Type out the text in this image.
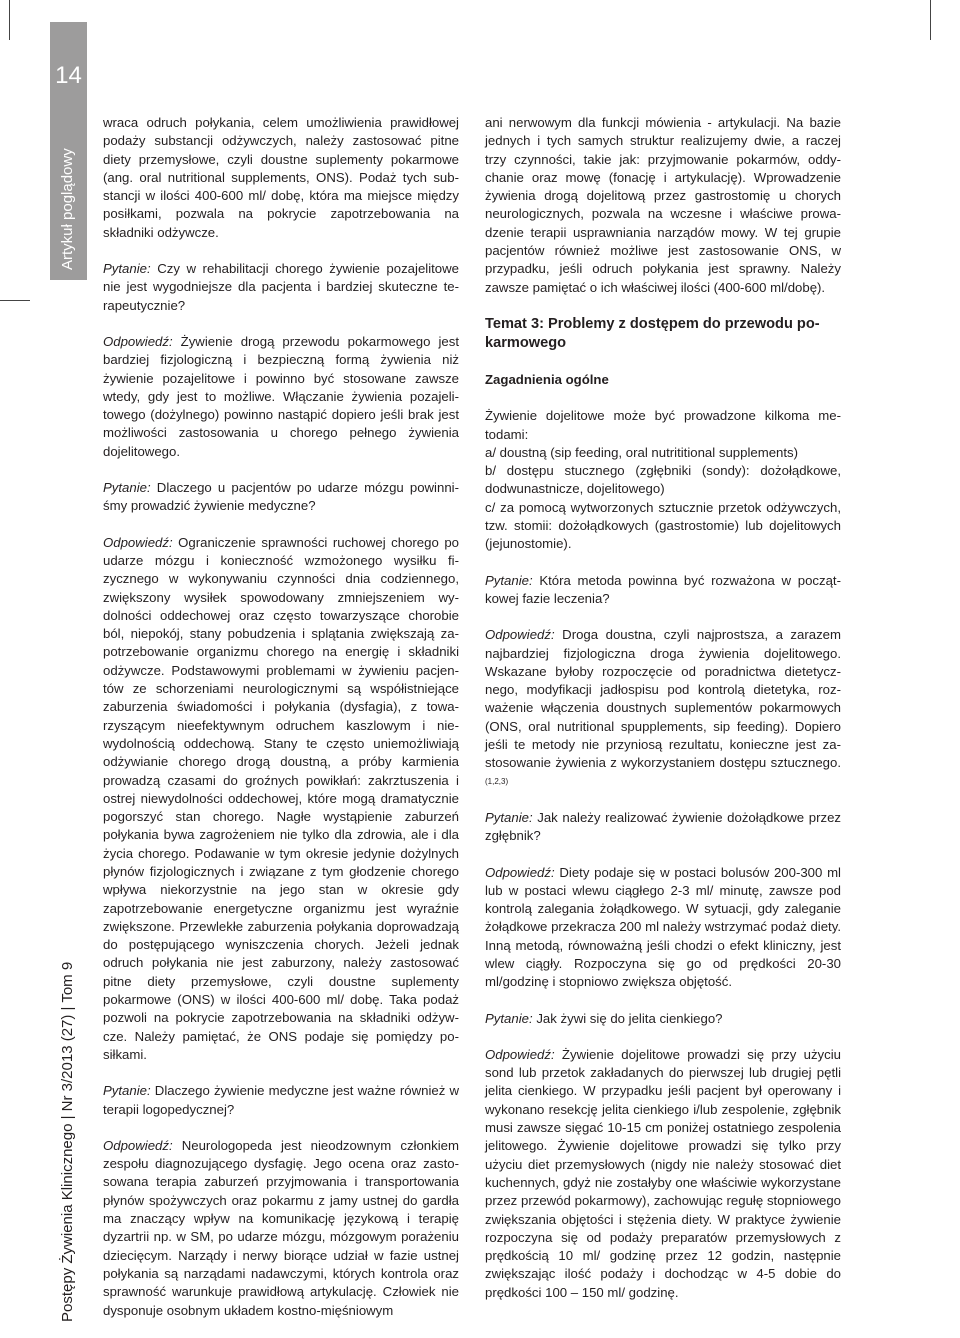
14
Artykuł poglądowy
Postępy Żywienia Klinicznego | Nr 3/2013 (27) | Tom 9

wraca odruch połykania, celem umożliwienia prawidłowej podaży substancji odżywczych, należy zastosować pitne diety przemysłowe, czyli doustne suplementy pokarmowe (ang. oral nutritional supplements, ONS). Podaż tych substancji w ilości 400-600 ml/ dobę, która ma miejsce między posiłkami, pozwala na pokrycie zapotrzebowania na składniki odżywcze.

Pytanie: Czy w rehabilitacji chorego żywienie pozajelitowe nie jest wygodniejsze dla pacjenta i bardziej skuteczne terapeutycznie?

Odpowiedź: Żywienie drogą przewodu pokarmowego jest bardziej fizjologiczną i bezpieczną formą żywienia niż żywienie pozajelitowe i powinno być stosowane zawsze wtedy, gdy jest to możliwe. Włączanie żywienia pozajelitowego (dożylnego) powinno nastąpić dopiero jeśli brak jest możliwości zastosowania u chorego pełnego żywienia dojelitowego.

Pytanie: Dlaczego u pacjentów po udarze mózgu powinniśmy prowadzić żywienie medyczne?

Odpowiedź: Ograniczenie sprawności ruchowej chorego po udarze mózgu i konieczność wzmożonego wysiłku fizycznego w wykonywaniu czynności dnia codziennego, zwiększony wysiłek spowodowany zmniejszeniem wydolności oddechowej oraz często towarzyszące chorobie ból, niepokój, stany pobudzenia i splątania zwiększają zapotrzebowanie organizmu chorego na energię i składniki odżywcze. Podstawowymi problemami w żywieniu pacjentów ze schorzeniami neurologicznymi są współistniejące zaburzenia świadomości i połykania (dysfagia), z towarzyszącym nieefektywnym odruchem kaszlowym i niewydolnością oddechową. Stany te często uniemożliwiają odżywianie chorego drogą doustną, a próby karmienia prowadzą czasami do groźnych powikłań: zakrztuszenia i ostrej niewydolności oddechowej, które mogą dramatycznie pogorszyć stan chorego. Nagłe wystąpienie zaburzeń połykania bywa zagrożeniem nie tylko dla zdrowia, ale i dla życia chorego. Podawanie w tym okresie jedynie dożylnych płynów fizjologicznych i związane z tym głodzenie chorego wpływa niekorzystnie na jego stan w okresie gdy zapotrzebowanie energetyczne organizmu jest wyraźnie zwiększone. Przewlekłe zaburzenia połykania doprowadzają do postępującego wyniszczenia chorych. Jeżeli jednak odruch połykania nie jest zaburzony, należy zastosować pitne diety przemysłowe, czyli doustne suplementy pokarmowe (ONS) w ilości 400-600 ml/ dobę. Taka podaż pozwoli na pokrycie zapotrzebowania na składniki odżywcze. Należy pamiętać, że ONS podaje się pomiędzy posiłkami.

Pytanie: Dlaczego żywienie medyczne jest ważne również w terapii logopedycznej?

Odpowiedź: Neurologopeda jest nieodzownym członkiem zespołu diagnozującego dysfagię. Jego ocena oraz zastosowana terapia zaburzeń przyjmowania i transportowania płynów spożywczych oraz pokarmu z jamy ustnej do gardła ma znaczący wpływ na komunikację językową i terapię dyzartrii np. w SM, po udarze mózgu, mózgowym porażeniu dziecięcym. Narządy i nerwy biorące udział w fazie ustnej połykania są narządami nadawczymi, których kontrola oraz sprawność warunkuje prawidłową artykulację. Człowiek nie dysponuje osobnym układem kostno-mięśniowym

ani nerwowym dla funkcji mówienia - artykulacji. Na bazie jednych i tych samych struktur realizujemy dwie, a raczej trzy czynności, takie jak: przyjmowanie pokarmów, oddychanie oraz mowę (fonację i artykulację). Wprowadzenie żywienia drogą dojelitową przez gastrostomię u chorych neurologicznych, pozwala na wczesne i właściwe prowadzenie terapii usprawniania narządów mowy. W tej grupie pacjentów również możliwe jest zastosowanie ONS, w przypadku, jeśli odruch połykania jest sprawny. Należy zawsze pamiętać o ich właściwej ilości (400-600 ml/dobę).

Temat 3: Problemy z dostępem do przewodu pokarmowego

Zagadnienia ogólne

Żywienie dojelitowe może być prowadzone kilkoma metodami:
a/ doustną (sip feeding, oral nutrititional supplements)
b/ dostępu stucznego (zgłębniki (sondy): dożołądkowe, dodwunastnicze, dojelitowego)
c/ za pomocą wytworzonych sztucznie przetok odżywczych, tzw. stomii: dożołądkowych (gastrostomie) lub dojelitowych (jejunostomie).

Pytanie: Która metoda powinna być rozważona w początkowej fazie leczenia?

Odpowiedź: Droga doustna, czyli najprostsza, a zarazem najbardziej fizjologiczna droga żywienia dojelitowego. Wskazane byłoby rozpoczęcie od poradnictwa dietetycznego, modyfikacji jadłospisu pod kontrolą dietetyka, rozważenie włączenia doustnych suplementów pokarmowych (ONS, oral nutritional spupplements, sip feeding). Dopiero jeśli te metody nie przyniosą rezultatu, konieczne jest zastosowanie żywienia z wykorzystaniem dostępu sztucznego.$^{(1,2,3)}$

Pytanie: Jak należy realizować żywienie dożołądkowe przez zgłębnik?

Odpowiedź: Diety podaje się w postaci bolusów 200-300 ml lub w postaci wlewu ciągłego 2-3 ml/ minutę, zawsze pod kontrolą zalegania żołądkowego. W sytuacji, gdy zaleganie żołądkowe przekracza 200 ml należy wstrzymać podaż diety. Inną metodą, równoważną jeśli chodzi o efekt kliniczny, jest wlew ciągły. Rozpoczyna się go od prędkości 20-30 ml/godzinę i stopniowo zwiększa objętość.

Pytanie: Jak żywi się do jelita cienkiego?

Odpowiedź: Żywienie dojelitowe prowadzi się przy użyciu sond lub przetok zakładanych do pierwszej lub drugiej pętli jelita cienkiego. W przypadku jeśli pacjent był operowany i wykonano resekcję jelita cienkiego i/lub zespolenie, zgłębnik musi zawsze sięgać 10-15 cm poniżej ostatniego zespolenia jelitowego. Żywienie dojelitowe prowadzi się tylko przy użyciu diet przemysłowych (nigdy nie należy stosować diet kuchennych, gdyż nie zostałyby one właściwie wykorzystane przez przewód pokarmowy), zachowując regułę stopniowego zwiększania objętości i stężenia diety. W praktyce żywienie rozpoczyna się od podaży preparatów przemysłowych z prędkością 10 ml/ godzinę przez 12 godzin, następnie zwiększając ilość podaży i dochodząc w 4-5 dobie do prędkości 100 – 150 ml/ godzinę.
